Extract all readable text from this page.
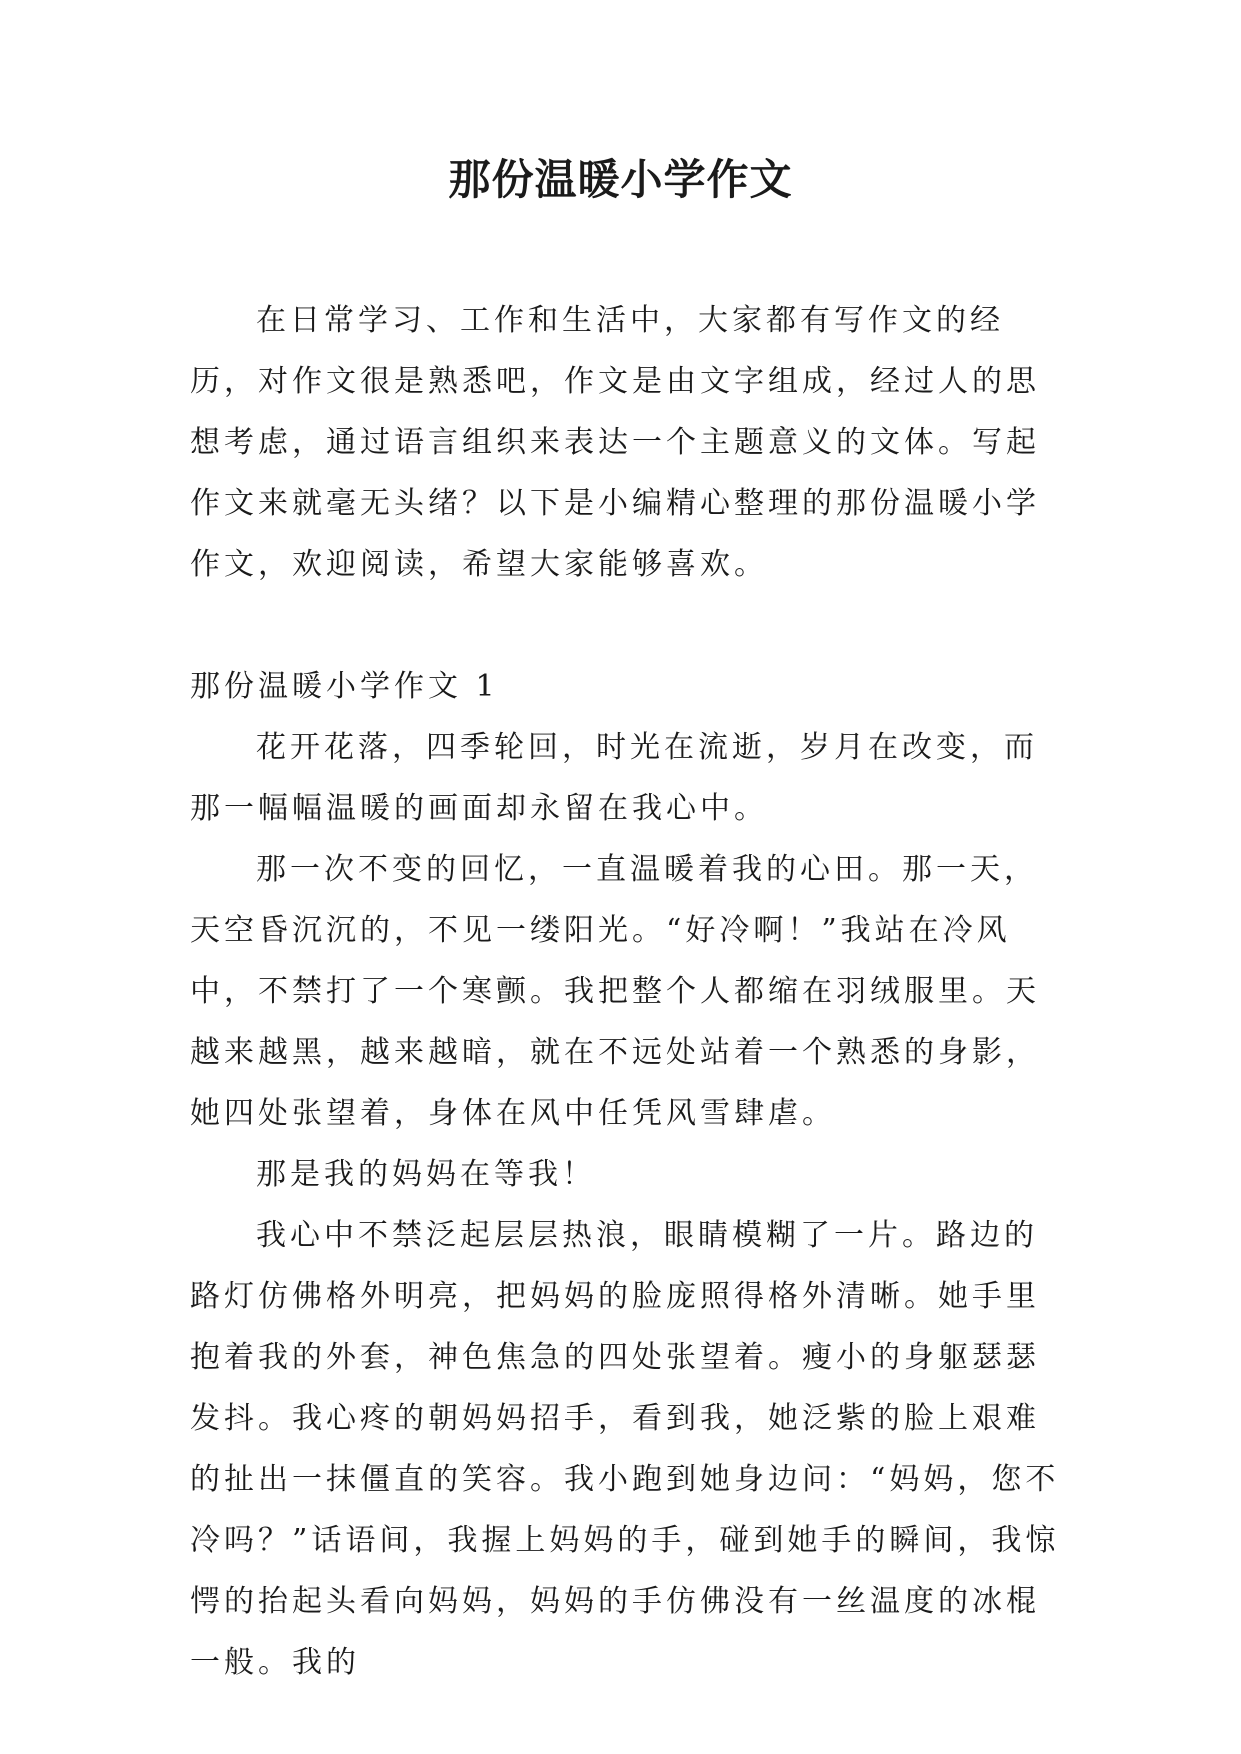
那份温暖小学作文

在日常学习、工作和生活中，大家都有写作文的经历，对作文很是熟悉吧，作文是由文字组成，经过人的思想考虑，通过语言组织来表达一个主题意义的文体。写起作文来就毫无头绪？以下是小编精心整理的那份温暖小学作文，欢迎阅读，希望大家能够喜欢。

那份温暖小学作文 1

花开花落，四季轮回，时光在流逝，岁月在改变，而那一幅幅温暖的画面却永留在我心中。

那一次不变的回忆，一直温暖着我的心田。那一天，天空昏沉沉的，不见一缕阳光。“好冷啊！”我站在冷风中，不禁打了一个寒颤。我把整个人都缩在羽绒服里。天越来越黑，越来越暗，就在不远处站着一个熟悉的身影，她四处张望着，身体在风中任凭风雪肆虐。

那是我的妈妈在等我！

我心中不禁泛起层层热浪，眼睛模糊了一片。路边的路灯仿佛格外明亮，把妈妈的脸庞照得格外清晰。她手里抱着我的外套，神色焦急的四处张望着。瘦小的身躯瑟瑟发抖。我心疼的朝妈妈招手，看到我，她泛紫的脸上艰难的扯出一抹僵直的笑容。我小跑到她身边问：“妈妈，您不冷吗？”话语间，我握上妈妈的手，碰到她手的瞬间，我惊愕的抬起头看向妈妈，妈妈的手仿佛没有一丝温度的冰棍一般。我的
